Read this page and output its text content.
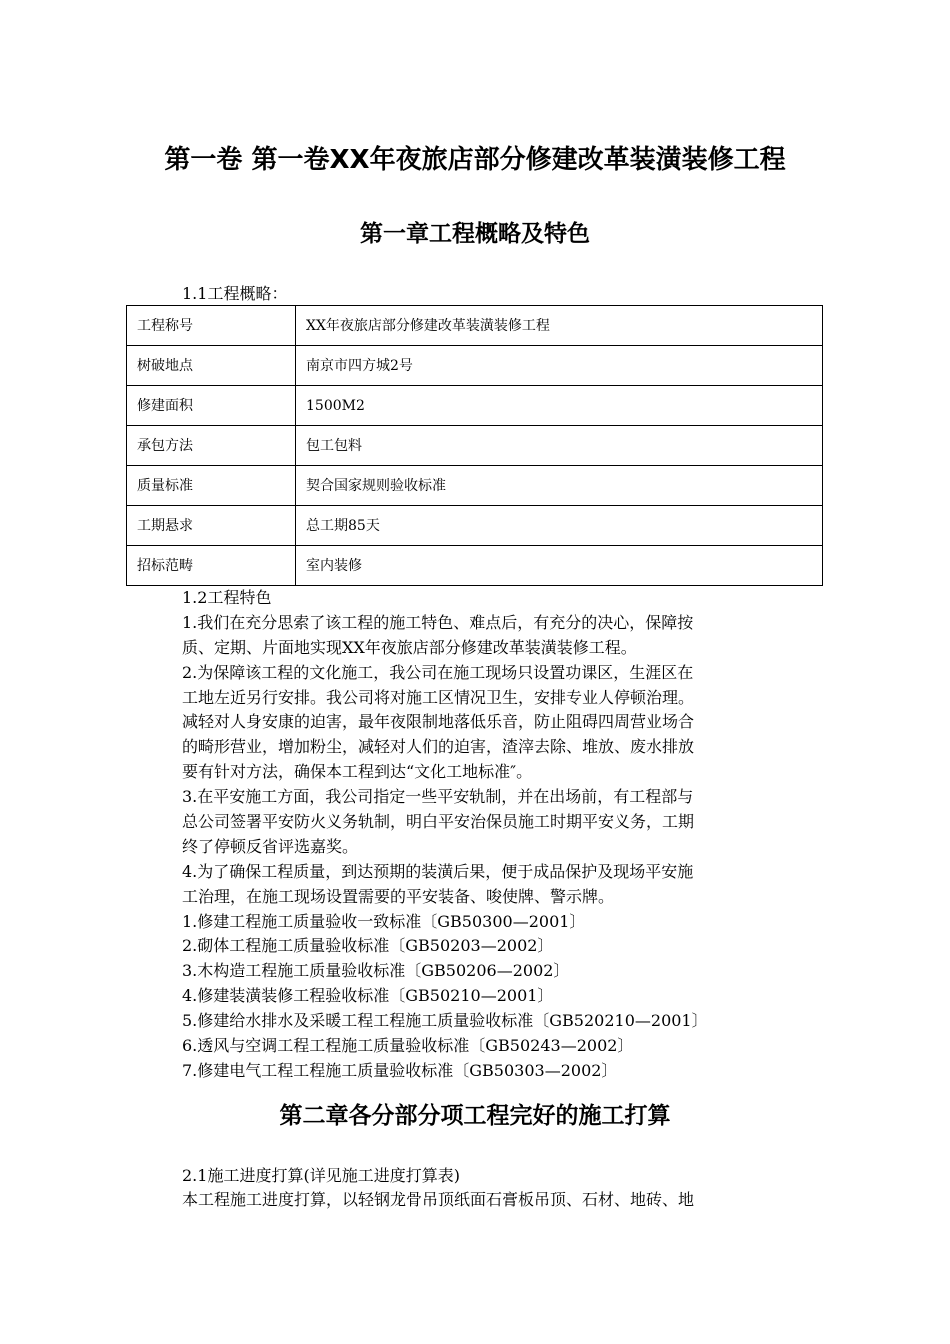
第一卷 第一卷XX年夜旅店部分修建改革装潢装修工程
第一章工程概略及特色
1.1工程概略：
工程称号	XX年夜旅店部分修建改革装潢装修工程
树破地点	南京市四方城2号
修建面积	1500M2
承包方法	包工包料
质量标准	契合国家规则验收标准
工期悬求	总工期85天
招标范畴	室内装修
1.2工程特色
1.我们在充分思索了该工程的施工特色、难点后，有充分的决心，保障按
质、定期、片面地实现XX年夜旅店部分修建改革装潢装修工程。
2.为保障该工程的文化施工，我公司在施工现场只设置功课区，生涯区在
工地左近另行安排。我公司将对施工区情况卫生，安排专业人停顿治理。
减轻对人身安康的迫害，最年夜限制地落低乐音，防止阻碍四周营业场合
的畸形营业，增加粉尘，减轻对人们的迫害，渣滓去除、堆放、废水排放
要有针对方法，确保本工程到达“文化工地标准″。
3.在平安施工方面，我公司指定一些平安轨制，并在出场前，有工程部与
总公司签署平安防火义务轨制，明白平安治保员施工时期平安义务，工期
终了停顿反省评选嘉奖。
4.为了确保工程质量，到达预期的装潢后果，便于成品保护及现场平安施
工治理，在施工现场设置需要的平安装备、唆使牌、警示牌。
1.修建工程施工质量验收一致标准〔GB50300—2001〕
2.砌体工程施工质量验收标准〔GB50203—2002〕
3.木构造工程施工质量验收标准〔GB50206—2002〕
4.修建装潢装修工程验收标准〔GB50210—2001〕
5.修建给水排水及采暖工程工程施工质量验收标准〔GB520210—2001〕
6.透风与空调工程工程施工质量验收标准〔GB50243—2002〕
7.修建电气工程工程施工质量验收标准〔GB50303—2002〕
第二章各分部分项工程完好的施工打算
2.1施工进度打算(详见施工进度打算表)
本工程施工进度打算，以轻钢龙骨吊顶纸面石膏板吊顶、石材、地砖、地
